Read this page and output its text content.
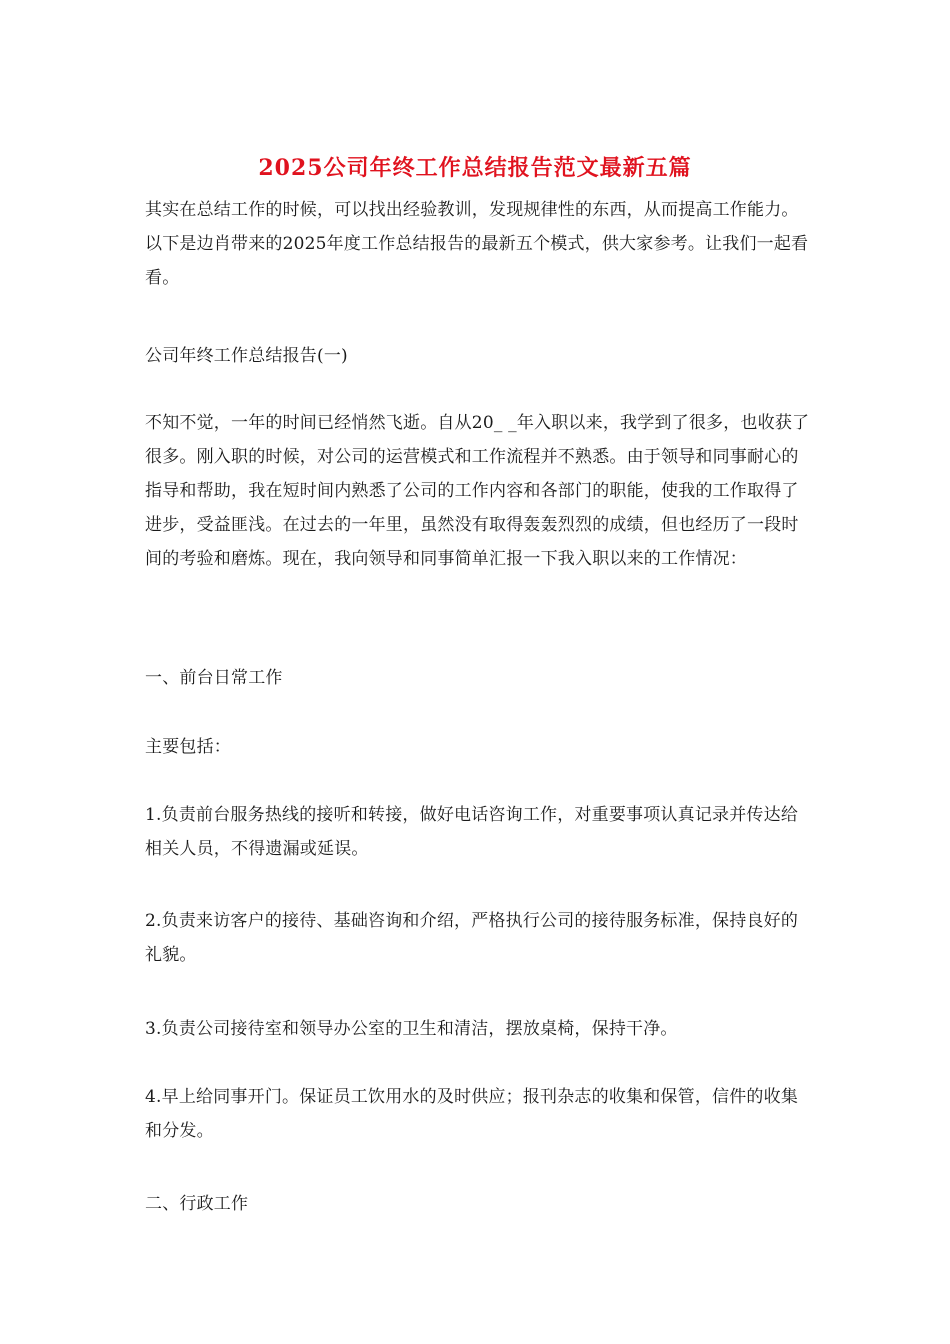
2025公司年终工作总结报告范文最新五篇

其实在总结工作的时候，可以找出经验教训，发现规律性的东西，从而提高工作能力。以下是边肖带来的2025年度工作总结报告的最新五个模式，供大家参考。让我们一起看看。

公司年终工作总结报告(一)

不知不觉，一年的时间已经悄然飞逝。自从20_ _年入职以来，我学到了很多，也收获了很多。刚入职的时候，对公司的运营模式和工作流程并不熟悉。由于领导和同事耐心的指导和帮助，我在短时间内熟悉了公司的工作内容和各部门的职能，使我的工作取得了进步，受益匪浅。在过去的一年里，虽然没有取得轰轰烈烈的成绩，但也经历了一段时间的考验和磨炼。现在，我向领导和同事简单汇报一下我入职以来的工作情况：

一、前台日常工作

主要包括：

1.负责前台服务热线的接听和转接，做好电话咨询工作，对重要事项认真记录并传达给相关人员，不得遗漏或延误。

2.负责来访客户的接待、基础咨询和介绍，严格执行公司的接待服务标准，保持良好的礼貌。

3.负责公司接待室和领导办公室的卫生和清洁，摆放桌椅，保持干净。

4.早上给同事开门。保证员工饮用水的及时供应；报刊杂志的收集和保管，信件的收集和分发。

二、行政工作
